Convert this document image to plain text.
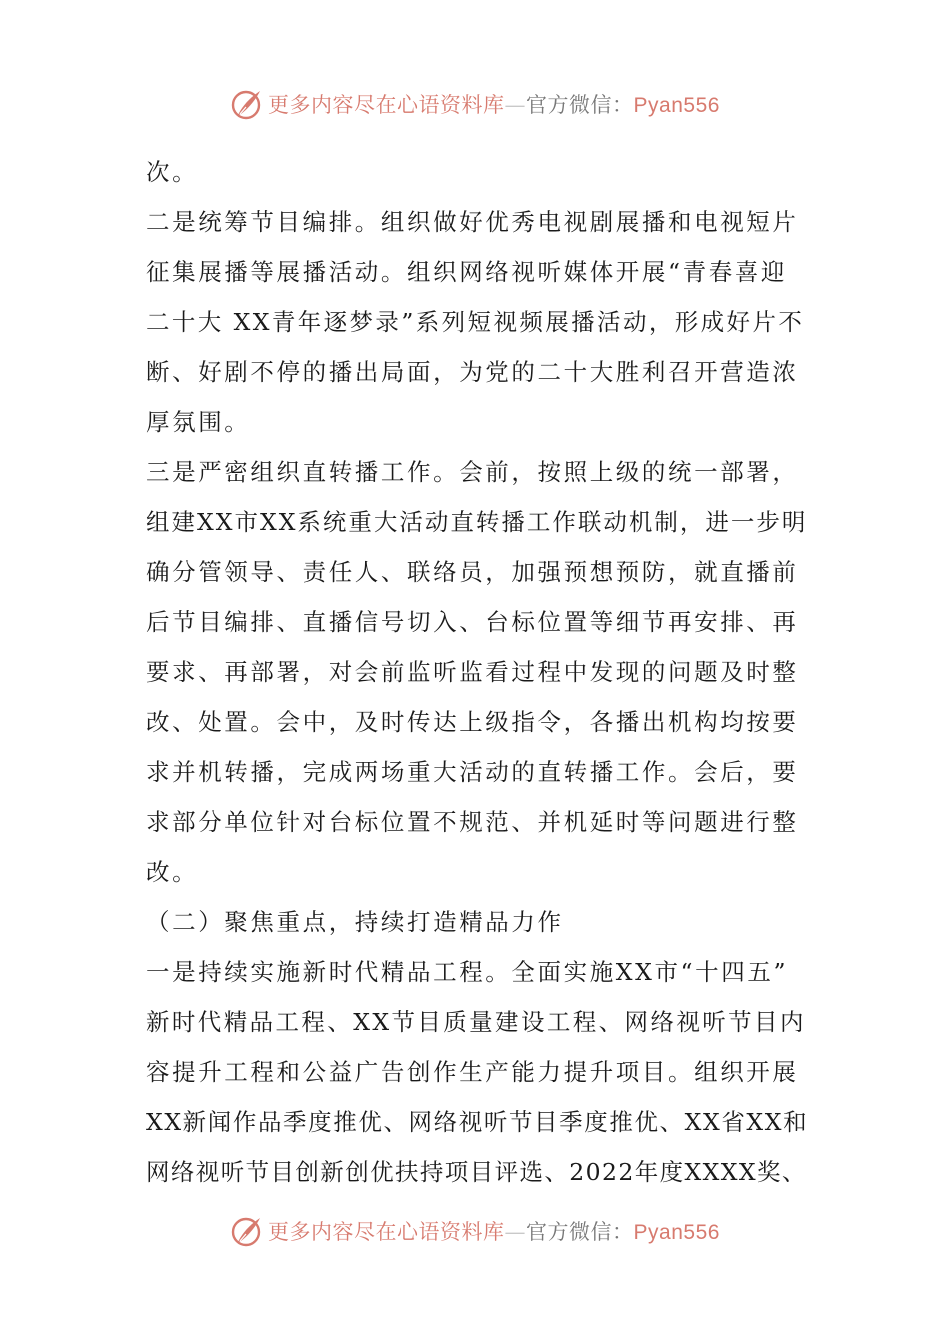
更多内容尽在心语资料库—官方微信：Pyan556
次。
二是统筹节目编排。组织做好优秀电视剧展播和电视短片
征集展播等展播活动。组织网络视听媒体开展“青春喜迎
二十大 XX青年逐梦录”系列短视频展播活动，形成好片不
断、好剧不停的播出局面，为党的二十大胜利召开营造浓
厚氛围。
三是严密组织直转播工作。会前，按照上级的统一部署，
组建XX市XX系统重大活动直转播工作联动机制，进一步明
确分管领导、责任人、联络员，加强预想预防，就直播前
后节目编排、直播信号切入、台标位置等细节再安排、再
要求、再部署，对会前监听监看过程中发现的问题及时整
改、处置。会中，及时传达上级指令，各播出机构均按要
求并机转播，完成两场重大活动的直转播工作。会后，要
求部分单位针对台标位置不规范、并机延时等问题进行整
改。
（二）聚焦重点，持续打造精品力作
一是持续实施新时代精品工程。全面实施XX市“十四五”
新时代精品工程、XX节目质量建设工程、网络视听节目内
容提升工程和公益广告创作生产能力提升项目。组织开展
XX新闻作品季度推优、网络视听节目季度推优、XX省XX和
网络视听节目创新创优扶持项目评选、2022年度XXXX奖、
更多内容尽在心语资料库—官方微信：Pyan556
